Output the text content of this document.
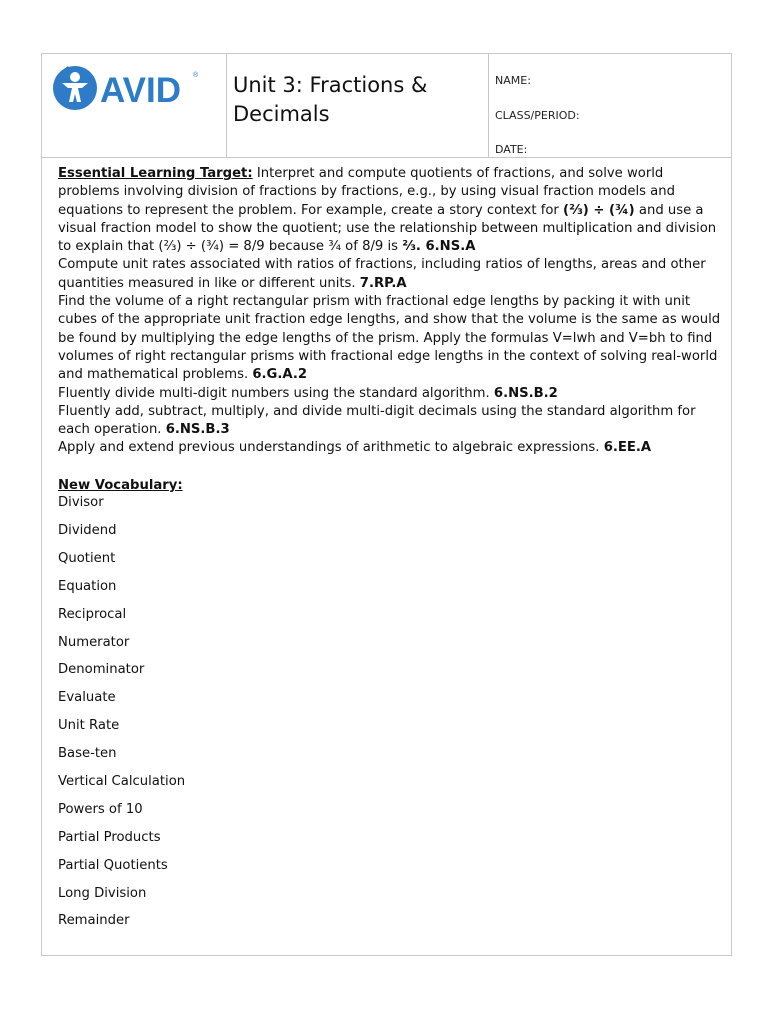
AVID ® Unit 3: Fractions & Decimals
NAME:
CLASS/PERIOD:
DATE:

Essential Learning Target: Interpret and compute quotients of fractions, and solve world problems involving division of fractions by fractions, e.g., by using visual fraction models and equations to represent the problem. For example, create a story context for (⅔) ÷ (¾) and use a visual fraction model to show the quotient; use the relationship between multiplication and division to explain that (⅔) ÷ (¾) = 8/9 because ¾ of 8/9 is ⅔. 6.NS.A

Compute unit rates associated with ratios of fractions, including ratios of lengths, areas and other quantities measured in like or different units. 7.RP.A

Find the volume of a right rectangular prism with fractional edge lengths by packing it with unit cubes of the appropriate unit fraction edge lengths, and show that the volume is the same as would be found by multiplying the edge lengths of the prism. Apply the formulas V=lwh and V=bh to find volumes of right rectangular prisms with fractional edge lengths in the context of solving real-world and mathematical problems. 6.G.A.2

Fluently divide multi-digit numbers using the standard algorithm. 6.NS.B.2

Fluently add, subtract, multiply, and divide multi-digit decimals using the standard algorithm for each operation. 6.NS.B.3

Apply and extend previous understandings of arithmetic to algebraic expressions. 6.EE.A

New Vocabulary:

Divisor
Dividend
Quotient
Equation
Reciprocal
Numerator
Denominator
Evaluate
Unit Rate
Base-ten
Vertical Calculation
Powers of 10
Partial Products
Partial Quotients
Long Division
Remainder
